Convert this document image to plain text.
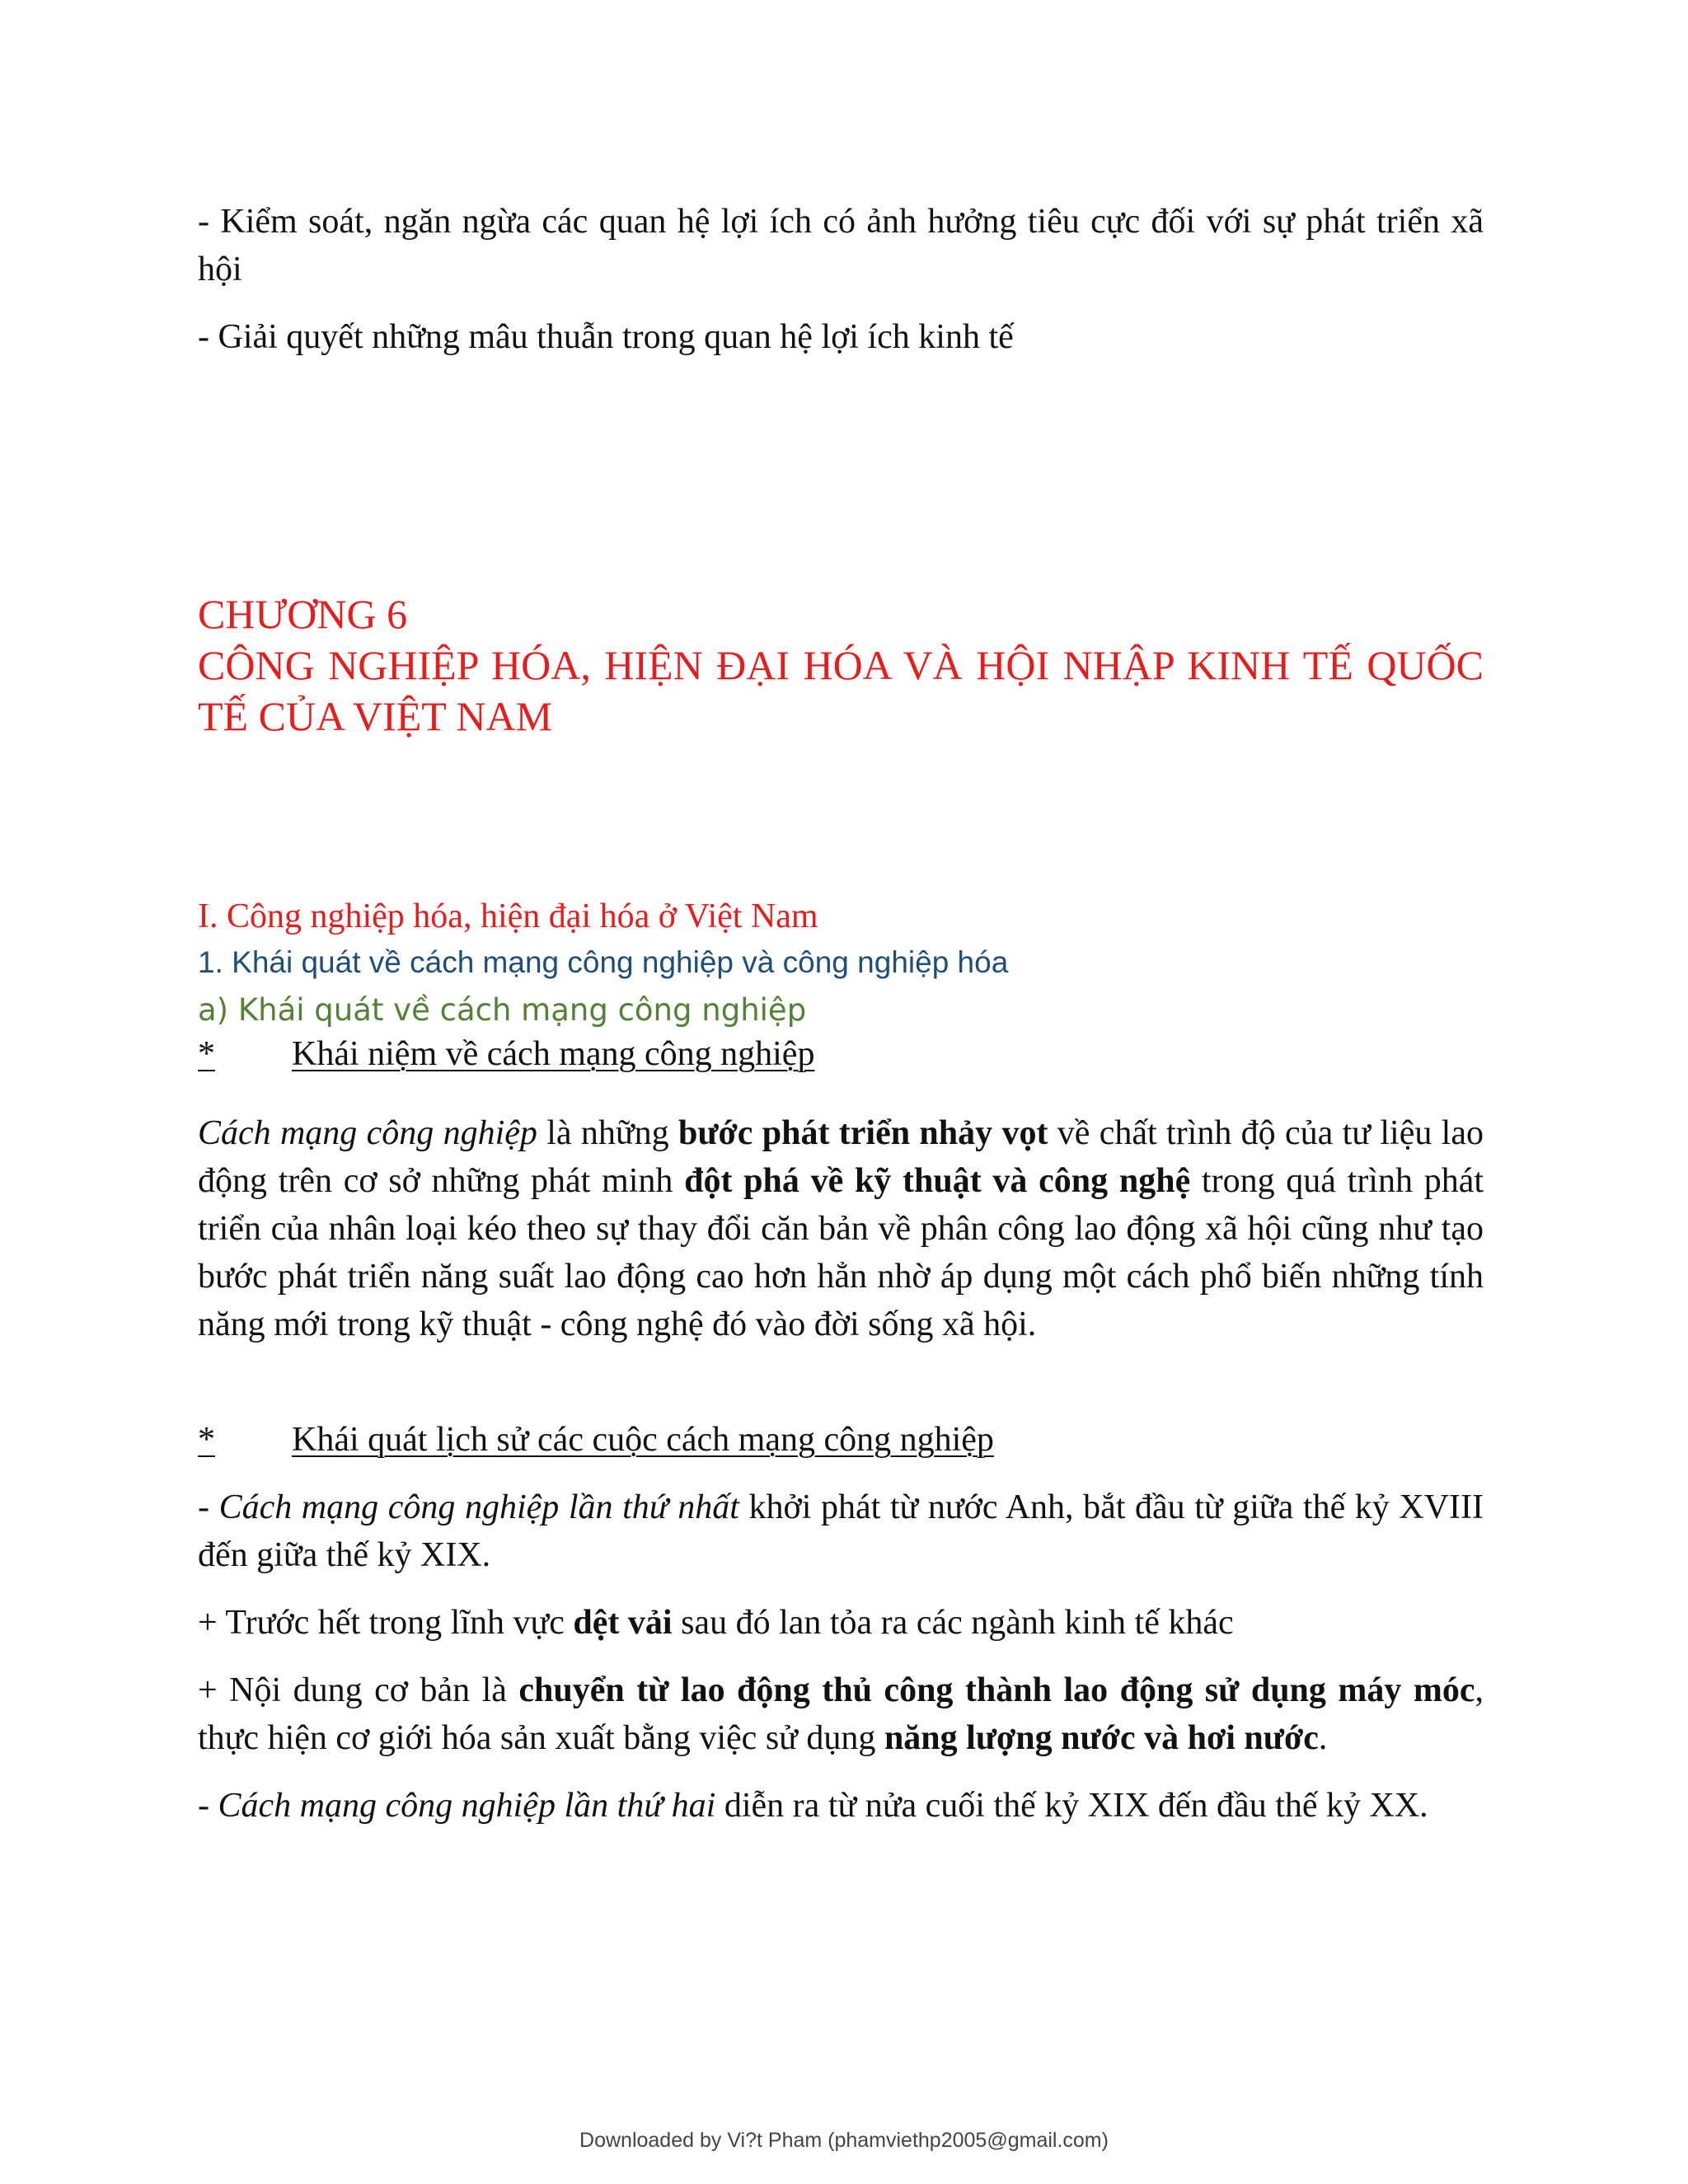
- Kiểm soát, ngăn ngừa các quan hệ lợi ích có ảnh hưởng tiêu cực đối với sự phát triển xã hội

- Giải quyết những mâu thuẫn trong quan hệ lợi ích kinh tế

CHƯƠNG 6

CÔNG NGHIỆP HÓA, HIỆN ĐẠI HÓA VÀ HỘI NHẬP KINH TẾ QUỐC TẾ CỦA VIỆT NAM

I. Công nghiệp hóa, hiện đại hóa ở Việt Nam

1. Khái quát về cách mạng công nghiệp và công nghiệp hóa

a) Khái quát về cách mạng công nghiệp

* Khái niệm về cách mạng công nghiệp

Cách mạng công nghiệp là những bước phát triển nhảy vọt về chất trình độ của tư liệu lao động trên cơ sở những phát minh đột phá về kỹ thuật và công nghệ trong quá trình phát triển của nhân loại kéo theo sự thay đổi căn bản về phân công lao động xã hội cũng như tạo bước phát triển năng suất lao động cao hơn hẳn nhờ áp dụng một cách phổ biến những tính năng mới trong kỹ thuật - công nghệ đó vào đời sống xã hội.

* Khái quát lịch sử các cuộc cách mạng công nghiệp

- Cách mạng công nghiệp lần thứ nhất khởi phát từ nước Anh, bắt đầu từ giữa thế kỷ XVIII đến giữa thế kỷ XIX.

+ Trước hết trong lĩnh vực dệt vải sau đó lan tỏa ra các ngành kinh tế khác

+ Nội dung cơ bản là chuyển từ lao động thủ công thành lao động sử dụng máy móc, thực hiện cơ giới hóa sản xuất bằng việc sử dụng năng lượng nước và hơi nước.

- Cách mạng công nghiệp lần thứ hai diễn ra từ nửa cuối thế kỷ XIX đến đầu thế kỷ XX.

Downloaded by Vi?t Pham (phamviethp2005@gmail.com)
